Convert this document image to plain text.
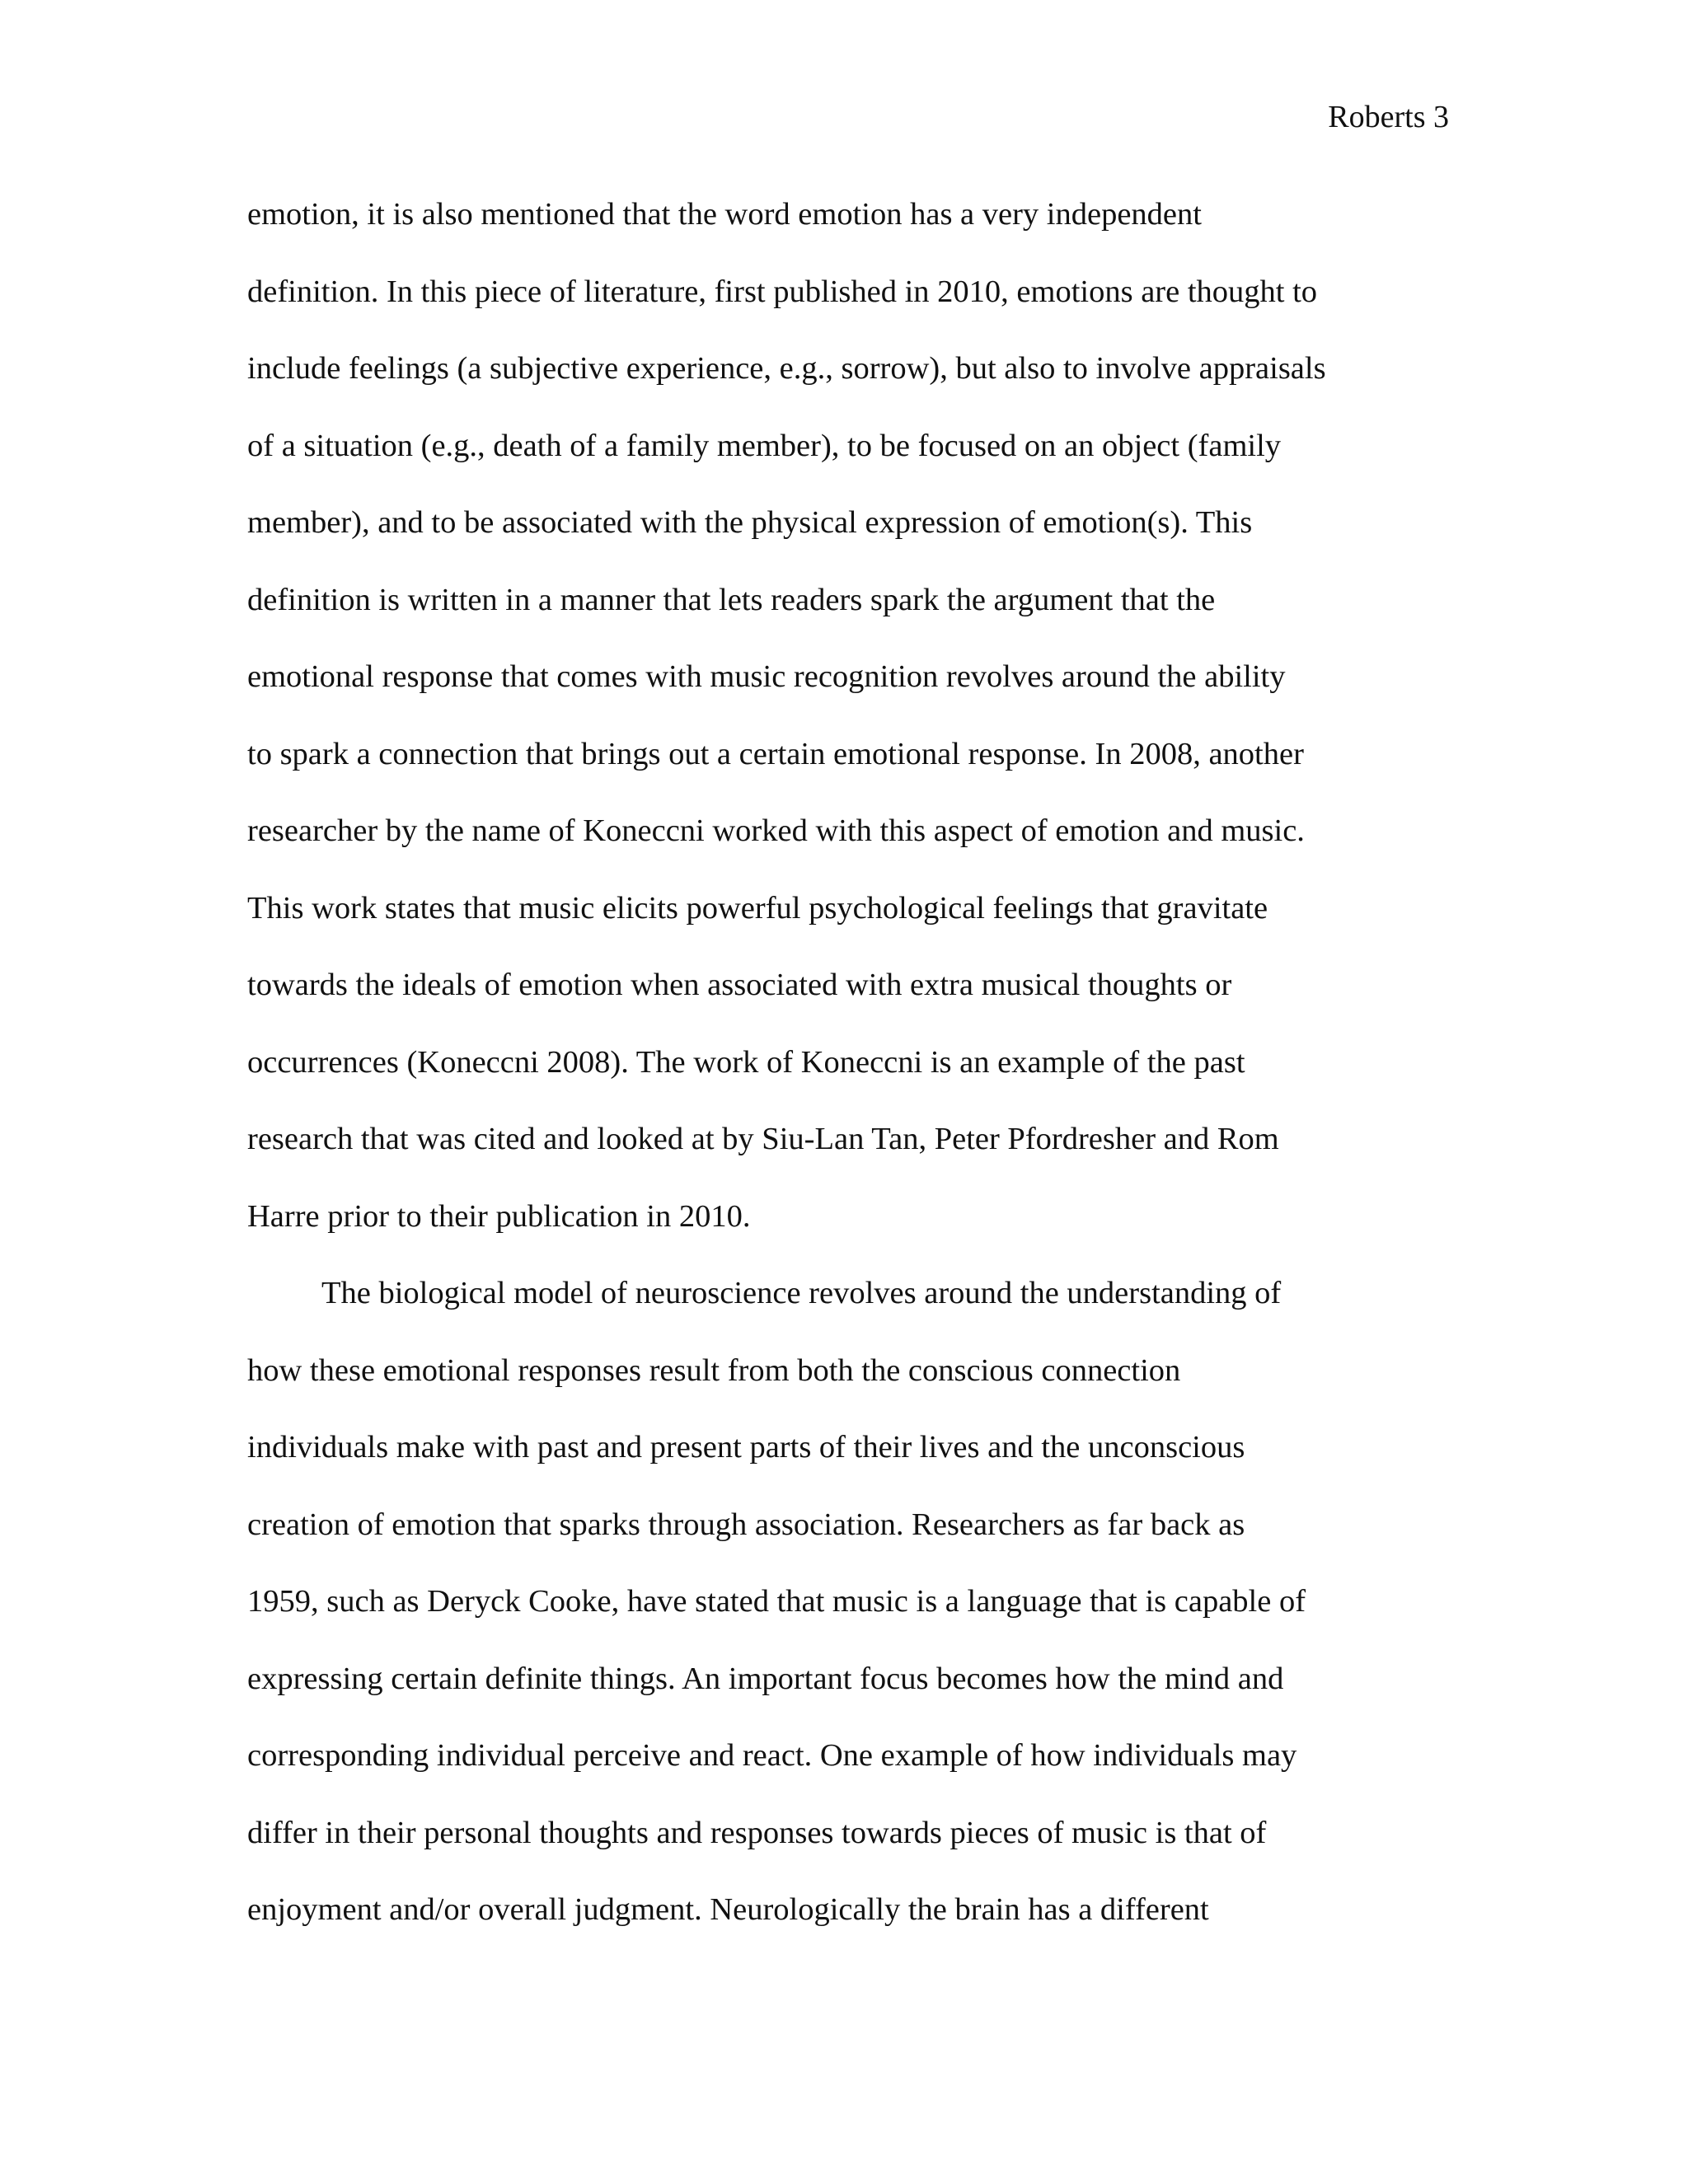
Roberts 3
emotion, it is also mentioned that the word emotion has a very independent
definition. In this piece of literature, first published in 2010, emotions are thought to
include feelings (a subjective experience, e.g., sorrow), but also to involve appraisals
of a situation (e.g., death of a family member), to be focused on an object (family
member), and to be associated with the physical expression of emotion(s). This
definition is written in a manner that lets readers spark the argument that the
emotional response that comes with music recognition revolves around the ability
to spark a connection that brings out a certain emotional response. In 2008, another
researcher by the name of Koneccni worked with this aspect of emotion and music.
This work states that music elicits powerful psychological feelings that gravitate
towards the ideals of emotion when associated with extra musical thoughts or
occurrences (Koneccni 2008). The work of Koneccni is an example of the past
research that was cited and looked at by Siu-Lan Tan, Peter Pfordresher and Rom
Harre prior to their publication in 2010.
The biological model of neuroscience revolves around the understanding of
how these emotional responses result from both the conscious connection
individuals make with past and present parts of their lives and the unconscious
creation of emotion that sparks through association. Researchers as far back as
1959, such as Deryck Cooke, have stated that music is a language that is capable of
expressing certain definite things. An important focus becomes how the mind and
corresponding individual perceive and react. One example of how individuals may
differ in their personal thoughts and responses towards pieces of music is that of
enjoyment and/or overall judgment. Neurologically the brain has a different
